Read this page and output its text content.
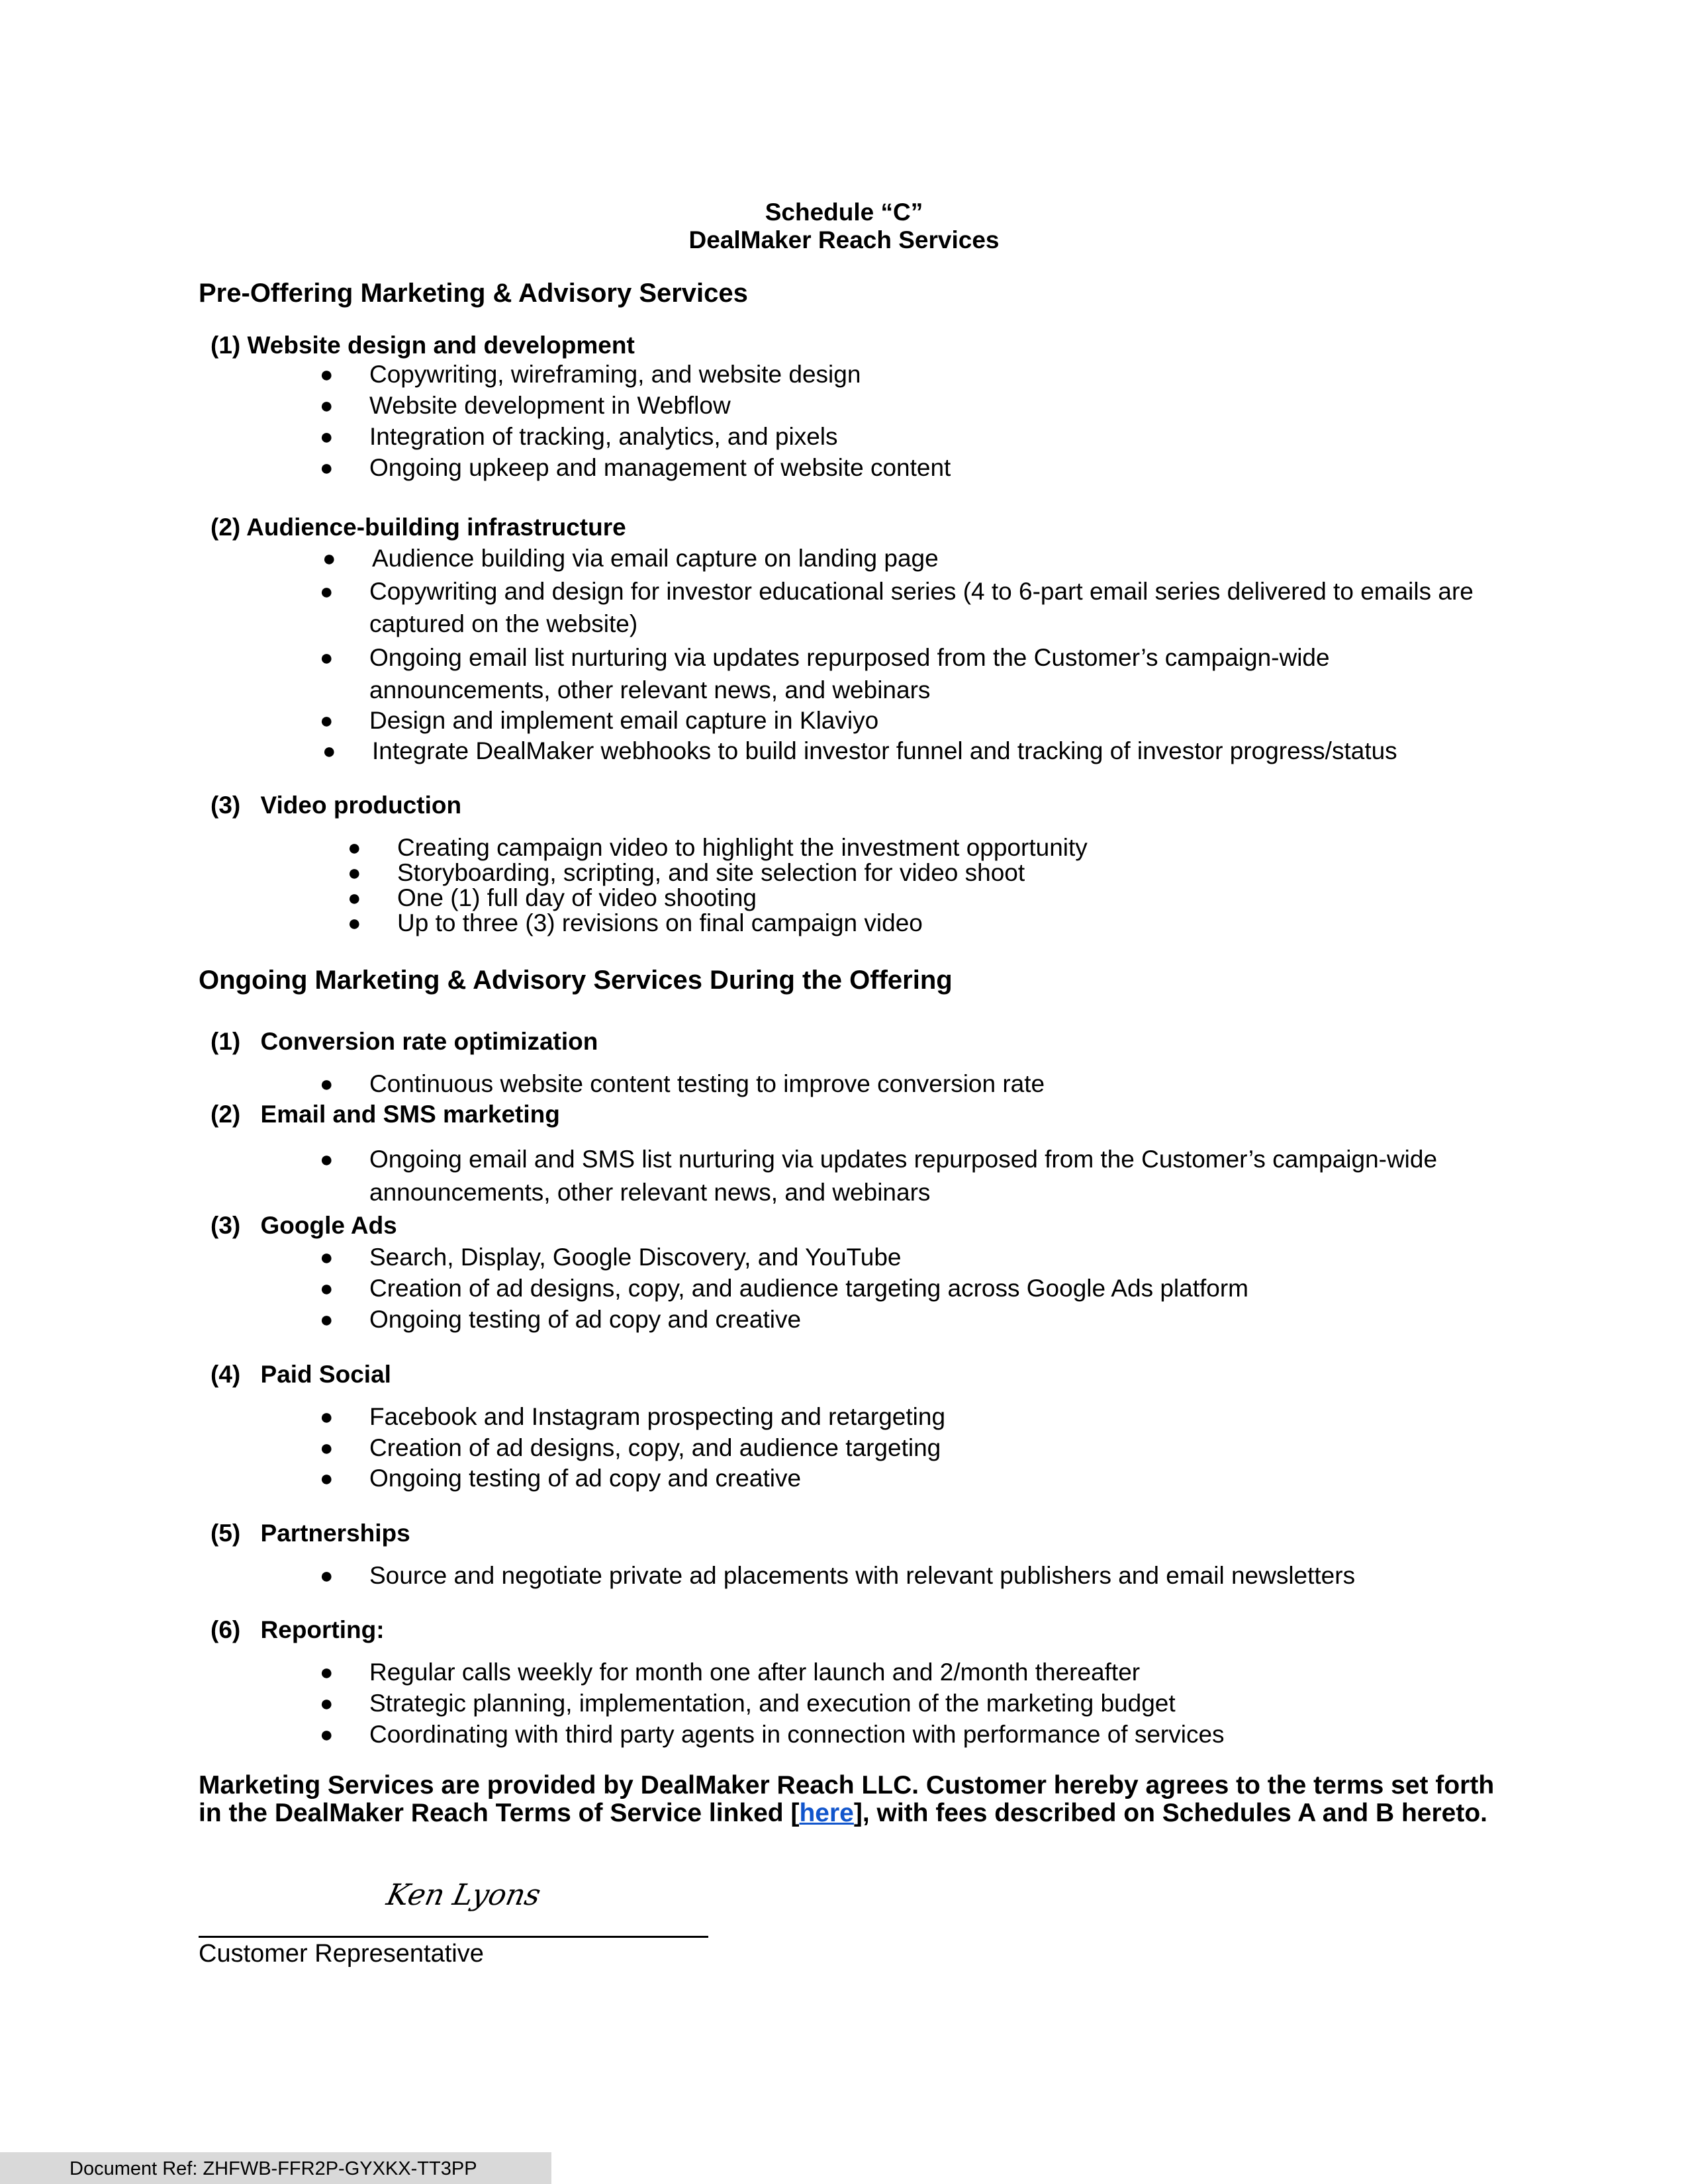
Schedule “C”
DealMaker Reach Services
Pre-Offering Marketing & Advisory Services
(1) Website design and development
● Copywriting, wireframing, and website design
● Website development in Webflow
● Integration of tracking, analytics, and pixels
● Ongoing upkeep and management of website content
(2) Audience-building infrastructure
● Audience building via email capture on landing page
● Copywriting and design for investor educational series (4 to 6-part email series delivered to emails are
captured on the website)
● Ongoing email list nurturing via updates repurposed from the Customer’s campaign-wide
announcements, other relevant news, and webinars
● Design and implement email capture in Klaviyo
● Integrate DealMaker webhooks to build investor funnel and tracking of investor progress/status
(3) Video production
● Creating campaign video to highlight the investment opportunity
● Storyboarding, scripting, and site selection for video shoot
● One (1) full day of video shooting
● Up to three (3) revisions on final campaign video
Ongoing Marketing & Advisory Services During the Offering
(1) Conversion rate optimization
● Continuous website content testing to improve conversion rate
(2) Email and SMS marketing
● Ongoing email and SMS list nurturing via updates repurposed from the Customer’s campaign-wide
announcements, other relevant news, and webinars
(3) Google Ads
● Search, Display, Google Discovery, and YouTube
● Creation of ad designs, copy, and audience targeting across Google Ads platform
● Ongoing testing of ad copy and creative
(4) Paid Social
● Facebook and Instagram prospecting and retargeting
● Creation of ad designs, copy, and audience targeting
● Ongoing testing of ad copy and creative
(5) Partnerships
● Source and negotiate private ad placements with relevant publishers and email newsletters
(6) Reporting:
● Regular calls weekly for month one after launch and 2/month thereafter
● Strategic planning, implementation, and execution of the marketing budget
● Coordinating with third party agents in connection with performance of services
Marketing Services are provided by DealMaker Reach LLC. Customer hereby agrees to the terms set forth in the DealMaker Reach Terms of Service linked [here], with fees described on Schedules A and B hereto.
Ken Lyons
Customer Representative
Document Ref: ZHFWB-FFR2P-GYXKX-TT3PP
